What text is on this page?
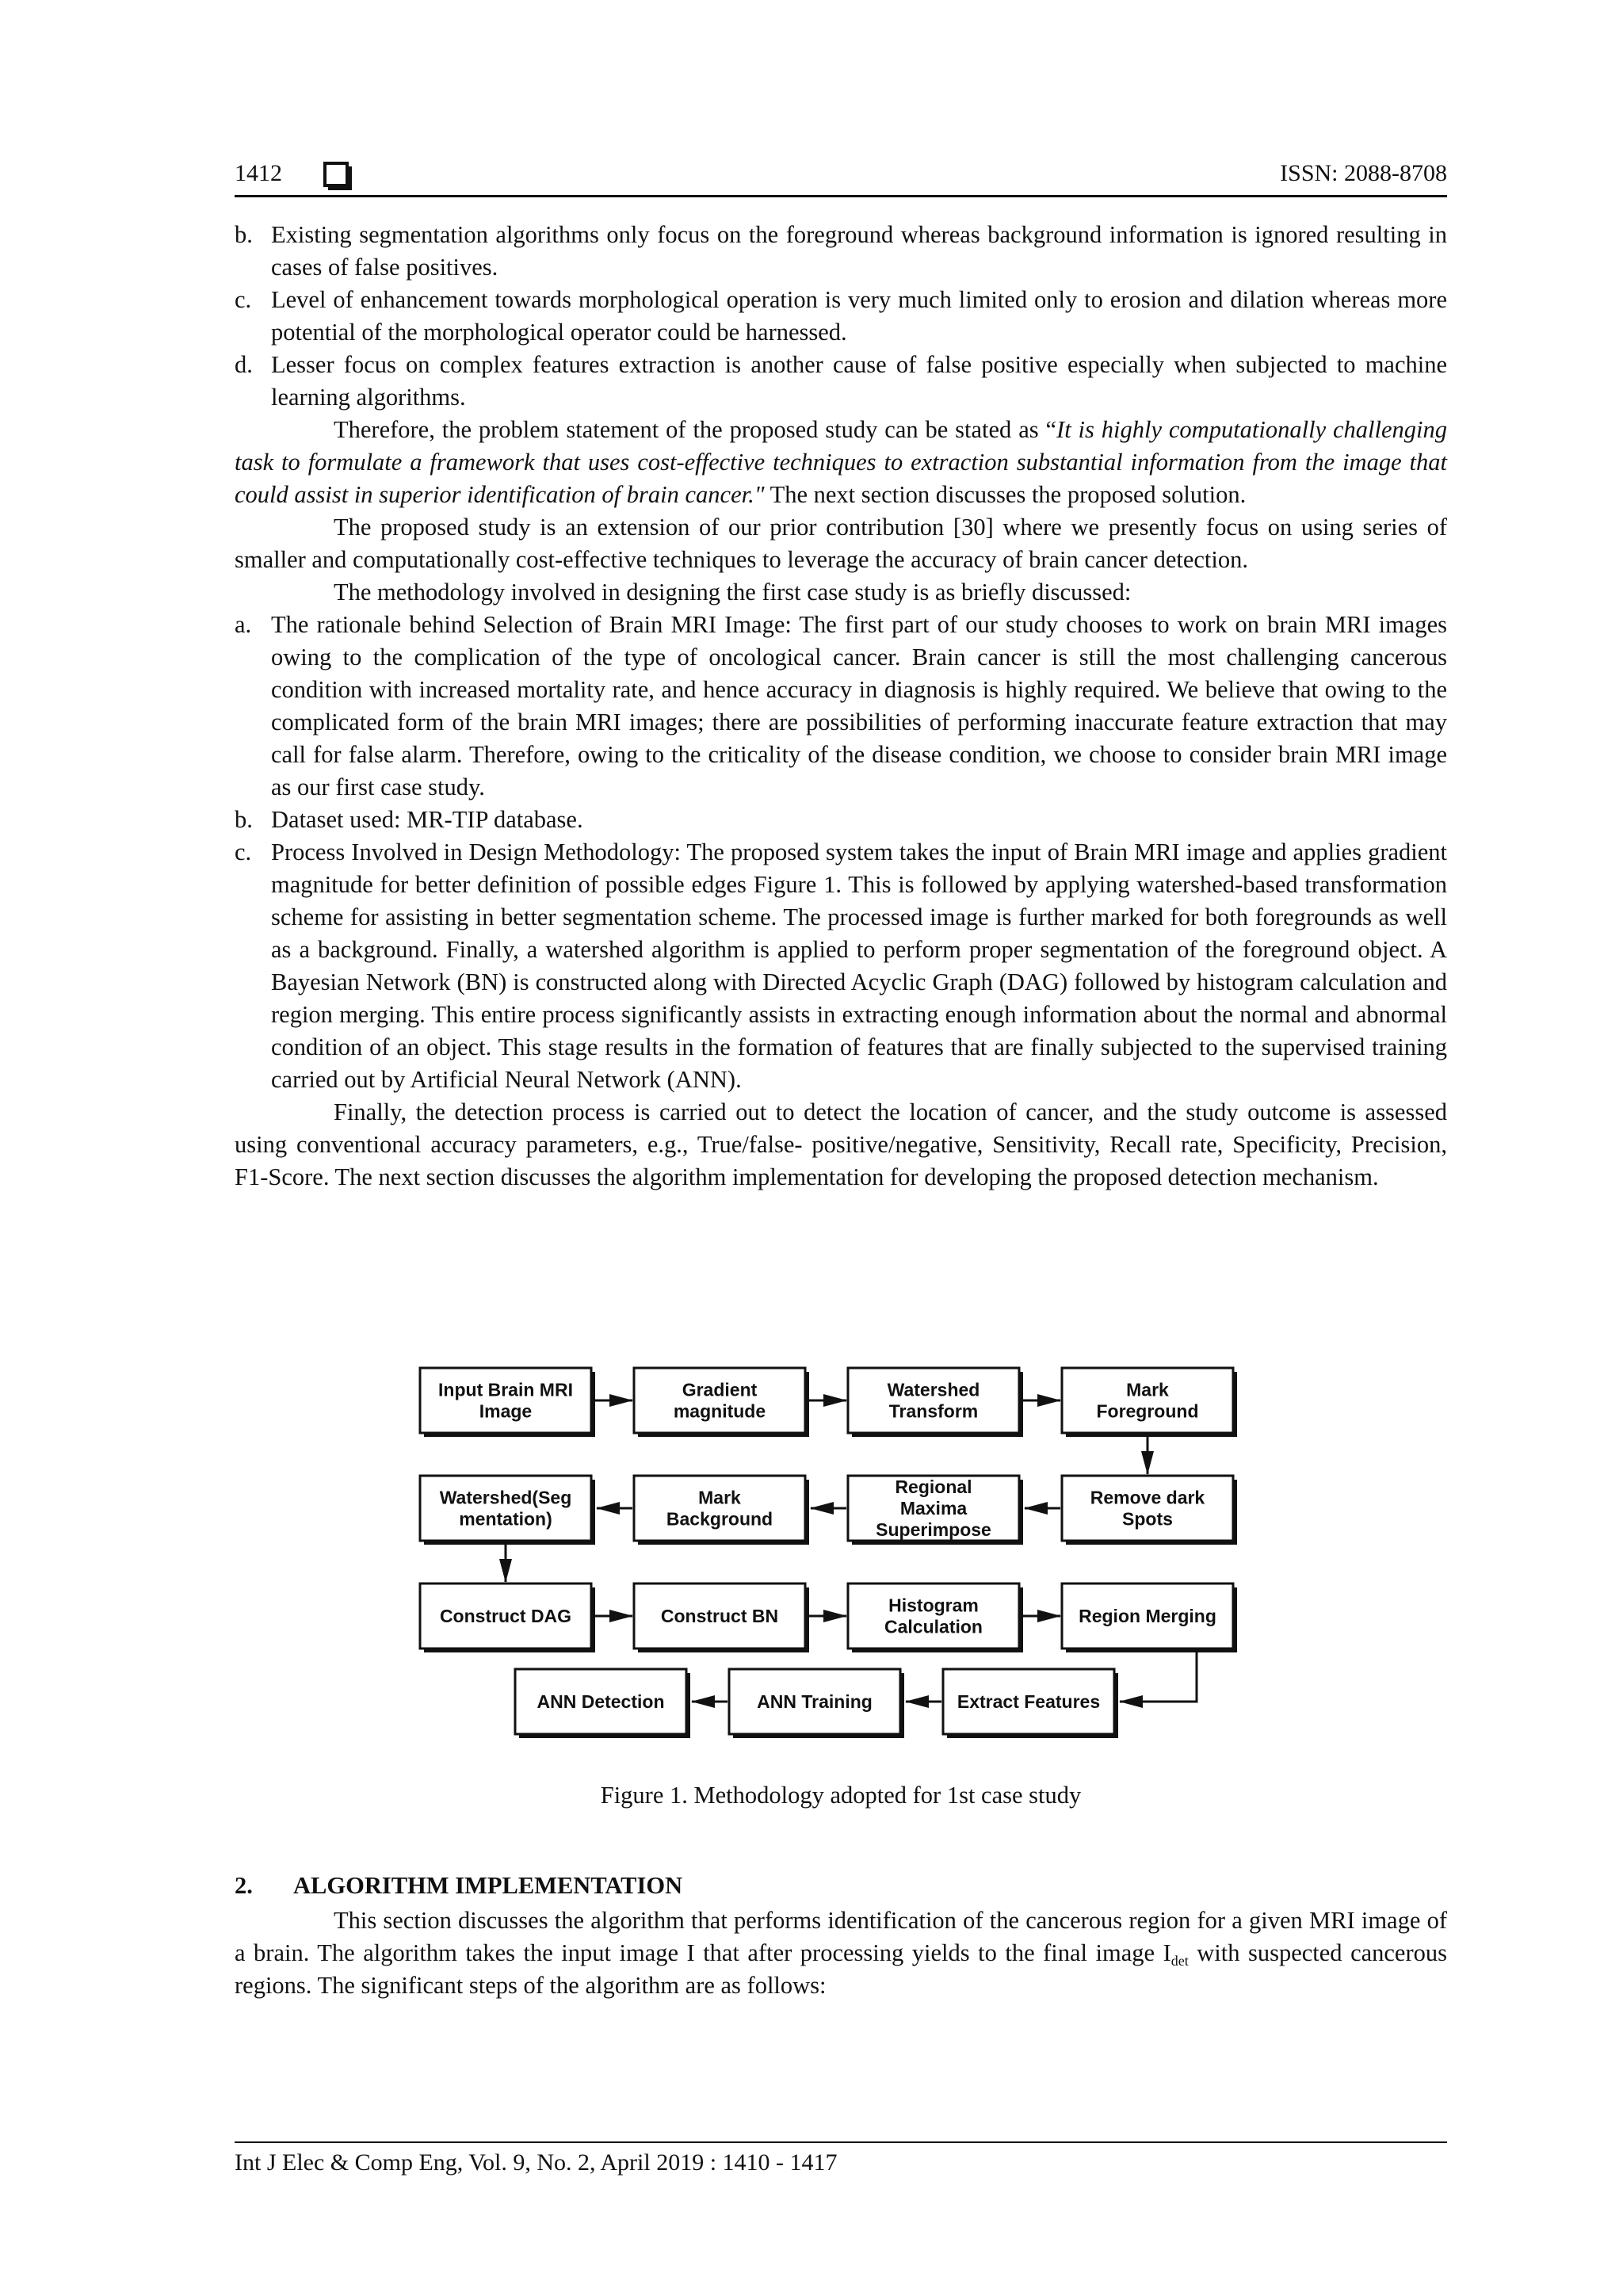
1412	ISSN: 2088-8708

b. Existing segmentation algorithms only focus on the foreground whereas background information is ignored resulting in cases of false positives.

c. Level of enhancement towards morphological operation is very much limited only to erosion and dilation whereas more potential of the morphological operator could be harnessed.

d. Lesser focus on complex features extraction is another cause of false positive especially when subjected to machine learning algorithms.

Therefore, the problem statement of the proposed study can be stated as “It is highly computationally challenging task to formulate a framework that uses cost-effective techniques to extraction substantial information from the image that could assist in superior identification of brain cancer." The next section discusses the proposed solution.

The proposed study is an extension of our prior contribution [30] where we presently focus on using series of smaller and computationally cost-effective techniques to leverage the accuracy of brain cancer detection.

The methodology involved in designing the first case study is as briefly discussed:

a. The rationale behind Selection of Brain MRI Image: The first part of our study chooses to work on brain MRI images owing to the complication of the type of oncological cancer. Brain cancer is still the most challenging cancerous condition with increased mortality rate, and hence accuracy in diagnosis is highly required. We believe that owing to the complicated form of the brain MRI images; there are possibilities of performing inaccurate feature extraction that may call for false alarm. Therefore, owing to the criticality of the disease condition, we choose to consider brain MRI image as our first case study.

b. Dataset used: MR-TIP database.

c. Process Involved in Design Methodology: The proposed system takes the input of Brain MRI image and applies gradient magnitude for better definition of possible edges Figure 1. This is followed by applying watershed-based transformation scheme for assisting in better segmentation scheme. The processed image is further marked for both foregrounds as well as a background. Finally, a watershed algorithm is applied to perform proper segmentation of the foreground object. A Bayesian Network (BN) is constructed along with Directed Acyclic Graph (DAG) followed by histogram calculation and region merging. This entire process significantly assists in extracting enough information about the normal and abnormal condition of an object. This stage results in the formation of features that are finally subjected to the supervised training carried out by Artificial Neural Network (ANN).

Finally, the detection process is carried out to detect the location of cancer, and the study outcome is assessed using conventional accuracy parameters, e.g., True/false- positive/negative, Sensitivity, Recall rate, Specificity, Precision, F1-Score. The next section discusses the algorithm implementation for developing the proposed detection mechanism.

Input Brain MRI
Image
Gradient
magnitude
Watershed
Transform
Mark
Foreground
Watershed(Seg
mentation)
Mark
Background
Regional
Maxima
Superimpose
Remove dark
Spots
Construct DAG	Construct BN
Histogram
Calculation
Region Merging
ANN Detection	ANN Training	Extract Features
Figure 1. Methodology adopted for 1st case study
2. ALGORITHM IMPLEMENTATION

This section discusses the algorithm that performs identification of the cancerous region for a given MRI image of a brain. The algorithm takes the input image I that after processing yields to the final image $I_{det}$ with suspected cancerous regions. The significant steps of the algorithm are as follows:

Int J Elec & Comp Eng, Vol. 9, No. 2, April 2019 : 1410 - 1417
